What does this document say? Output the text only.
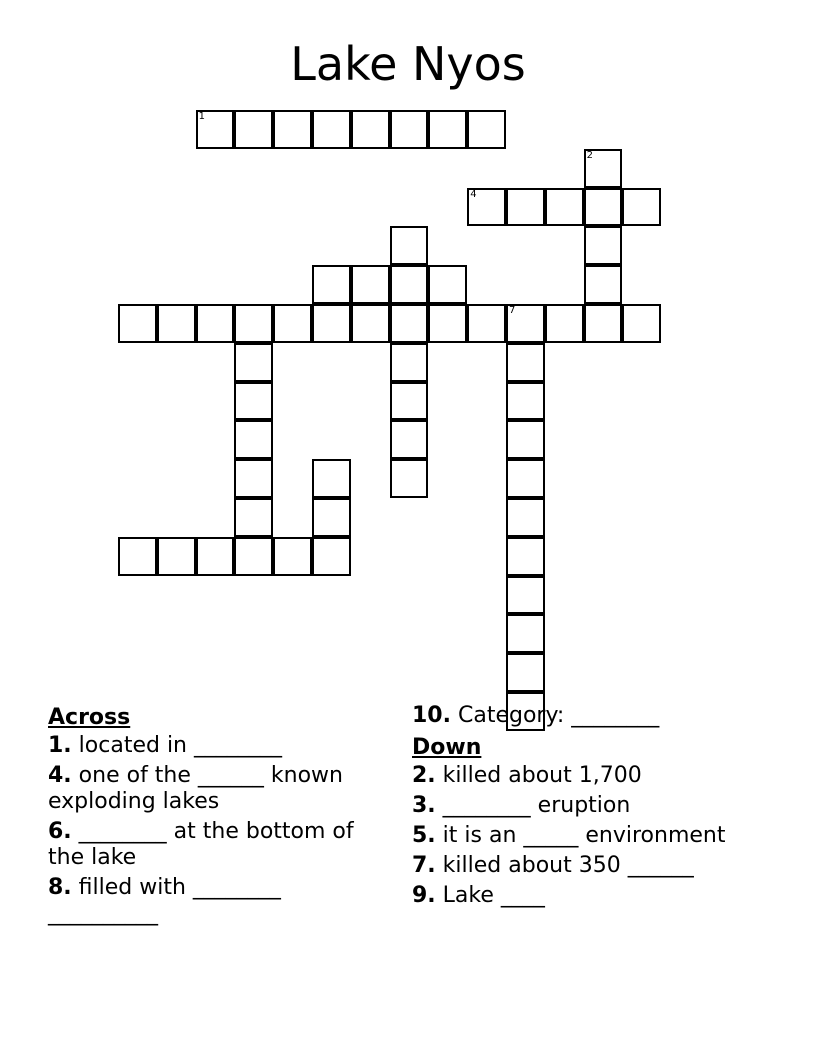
Lake Nyos
7
4
2
1
Across

1. located in ________

4. one of the ______ known exploding lakes

6. ________ at the bottom of the lake

8. filled with ________ __________

10. Category: ________

Down

2. killed about 1,700

3. ________ eruption

5. it is an _____ environment

7. killed about 350 ______

9. Lake ____
